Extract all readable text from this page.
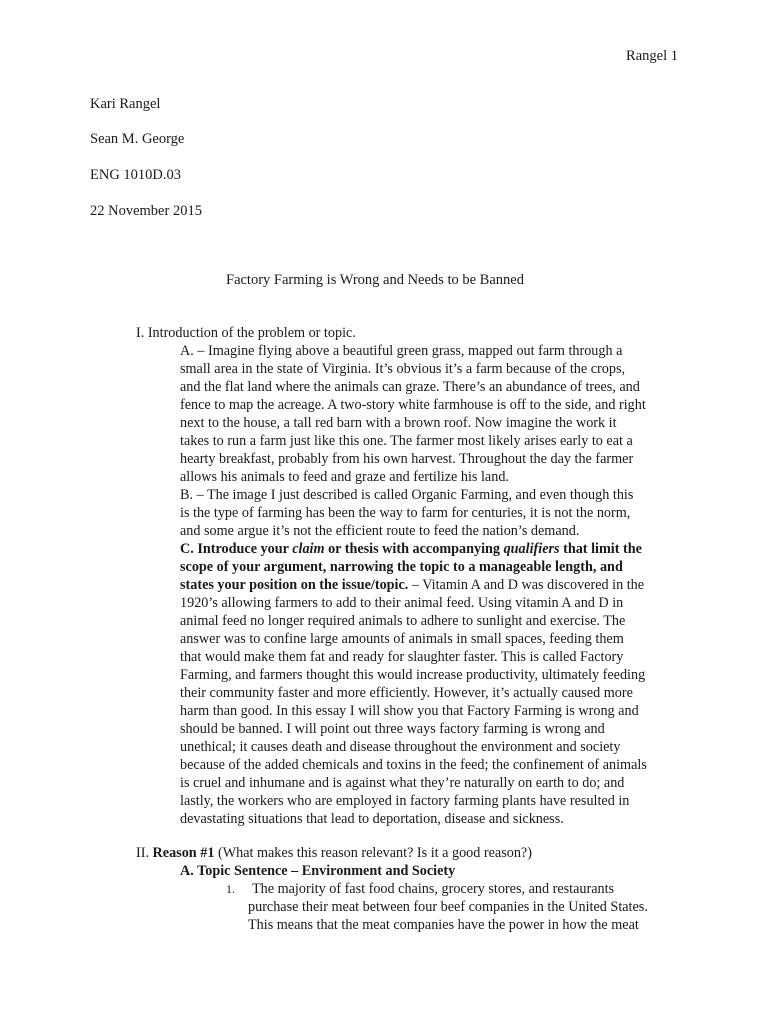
Rangel 1
Kari Rangel
Sean M. George
ENG 1010D.03
22 November 2015
Factory Farming is Wrong and Needs to be Banned
I. Introduction of the problem or topic.
A. – Imagine flying above a beautiful green grass, mapped out farm through a
small area in the state of Virginia. It’s obvious it’s a farm because of the crops,
and the flat land where the animals can graze. There’s an abundance of trees, and
fence to map the acreage. A two-story white farmhouse is off to the side, and right
next to the house, a tall red barn with a brown roof. Now imagine the work it
takes to run a farm just like this one. The farmer most likely arises early to eat a
hearty breakfast, probably from his own harvest. Throughout the day the farmer
allows his animals to feed and graze and fertilize his land.
B. – The image I just described is called Organic Farming, and even though this
is the type of farming has been the way to farm for centuries, it is not the norm,
and some argue it’s not the efficient route to feed the nation’s demand.
C. Introduce your claim or thesis with accompanying qualifiers that limit the
scope of your argument, narrowing the topic to a manageable length, and
states your position on the issue/topic. – Vitamin A and D was discovered in the
1920’s allowing farmers to add to their animal feed. Using vitamin A and D in
animal feed no longer required animals to adhere to sunlight and exercise. The
answer was to confine large amounts of animals in small spaces, feeding them
that would make them fat and ready for slaughter faster. This is called Factory
Farming, and farmers thought this would increase productivity, ultimately feeding
their community faster and more efficiently. However, it’s actually caused more
harm than good. In this essay I will show you that Factory Farming is wrong and
should be banned. I will point out three ways factory farming is wrong and
unethical; it causes death and disease throughout the environment and society
because of the added chemicals and toxins in the feed; the confinement of animals
is cruel and inhumane and is against what they’re naturally on earth to do; and
lastly, the workers who are employed in factory farming plants have resulted in
devastating situations that lead to deportation, disease and sickness.
II. Reason #1 (What makes this reason relevant? Is it a good reason?)
A. Topic Sentence – Environment and Society
1. The majority of fast food chains, grocery stores, and restaurants
purchase their meat between four beef companies in the United States.
This means that the meat companies have the power in how the meat
